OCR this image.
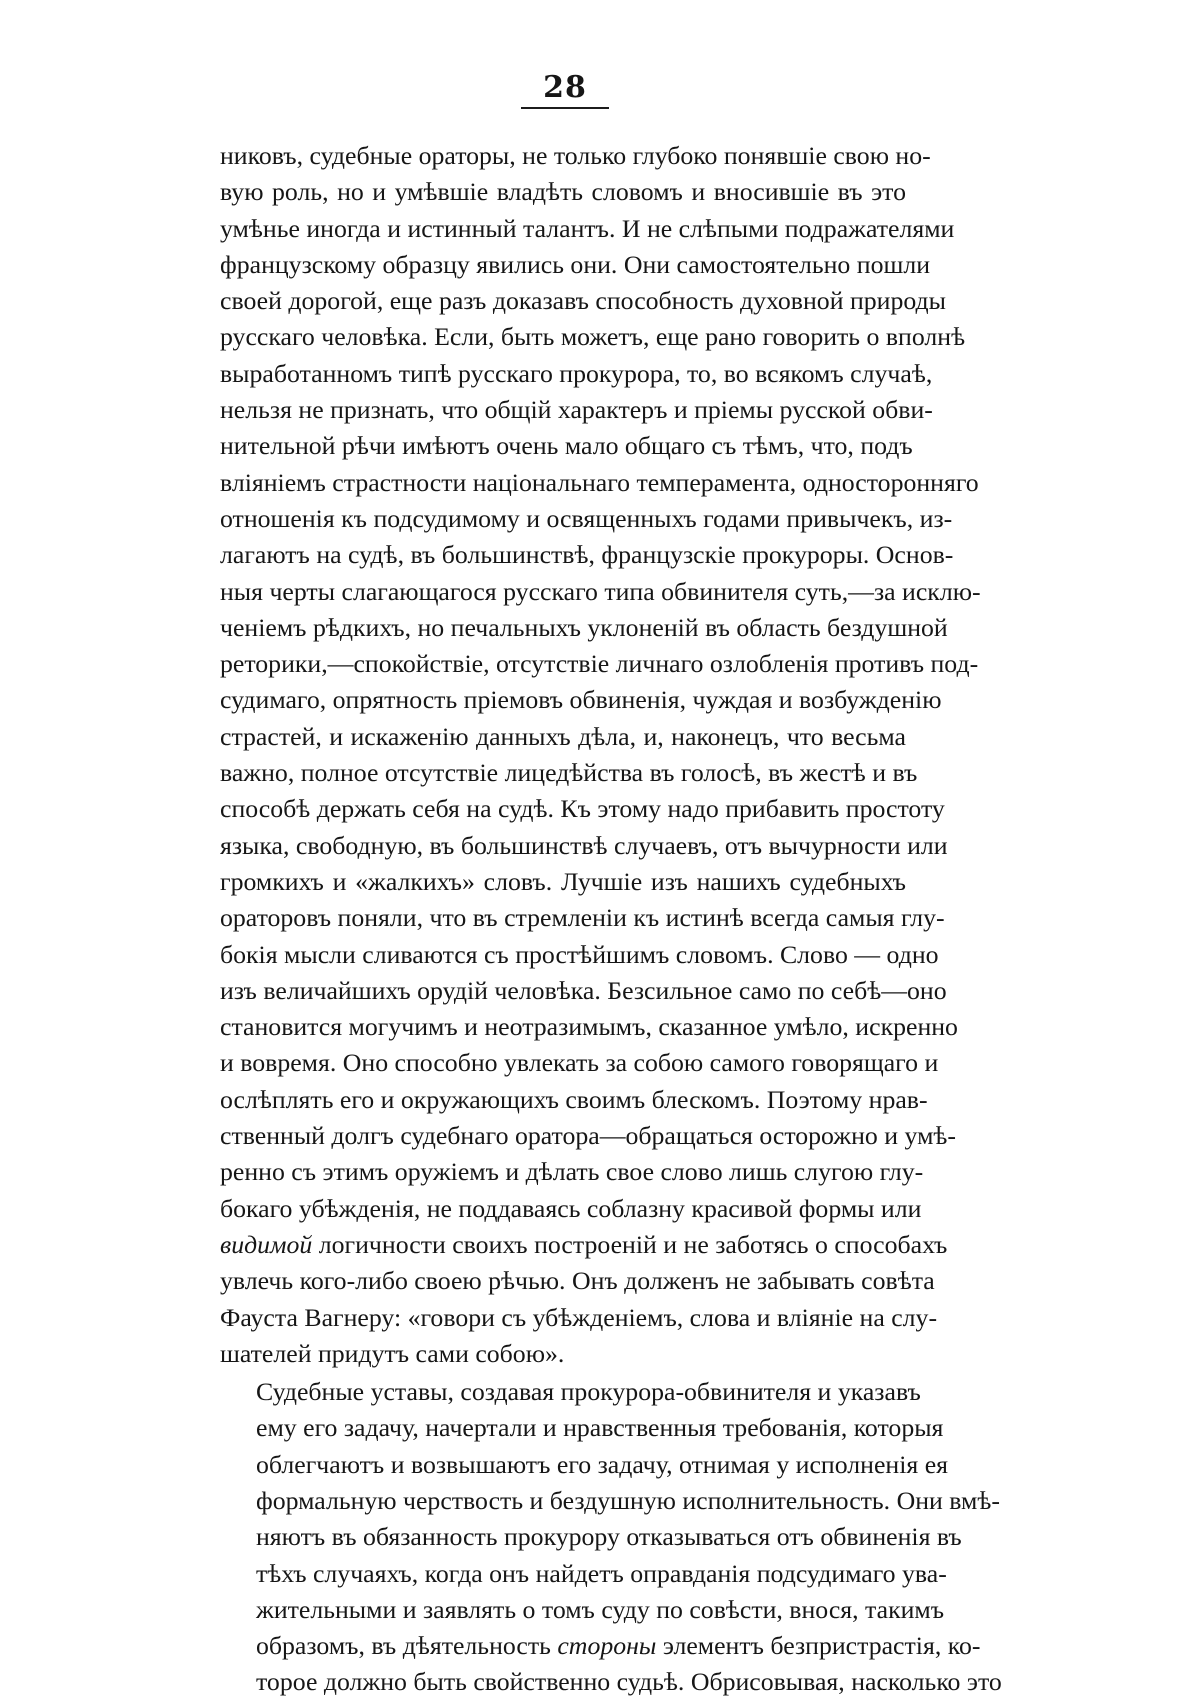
28
никовъ, судебные ораторы, не только глубоко понявшіе свою но-
вую роль, но и умѣвшіе владѣть словомъ и вносившіе въ это
умѣнье иногда и истинный талантъ. И не слѣпыми подражателями
французскому образцу явились они. Они самостоятельно пошли
своей дорогой, еще разъ доказавъ способность духовной природы
русскаго человѣка. Если, быть можетъ, еще рано говорить о вполнѣ
выработанномъ типѣ русскаго прокурора, то, во всякомъ случаѣ,
нельзя не признать, что общій характеръ и пріемы русской обви-
нительной рѣчи имѣютъ очень мало общаго съ тѣмъ, что, подъ
вліяніемъ страстности національнаго темперамента, односторонняго
отношенія къ подсудимому и освященныхъ годами привычекъ, из-
лагаютъ на судѣ, въ большинствѣ, французскіе прокуроры. Основ-
ныя черты слагающагося русскаго типа обвинителя суть,—за исклю-
ченіемъ рѣдкихъ, но печальныхъ уклоненій въ область бездушной
реторики,—спокойствіе, отсутствіе личнаго озлобленія противъ под-
судимаго, опрятность пріемовъ обвиненія, чуждая и возбужденію
страстей, и искаженію данныхъ дѣла, и, наконецъ, что весьма
важно, полное отсутствіе лицедѣйства въ голосѣ, въ жестѣ и въ
способѣ держать себя на судѣ. Къ этому надо прибавить простоту
языка, свободную, въ большинствѣ случаевъ, отъ вычурности или
громкихъ и «жалкихъ» словъ. Лучшіе изъ нашихъ судебныхъ
ораторовъ поняли, что въ стремленіи къ истинѣ всегда самыя глу-
бокія мысли сливаются съ простѣйшимъ словомъ. Слово — одно
изъ величайшихъ орудій человѣка. Безсильное само по себѣ—оно
становится могучимъ и неотразимымъ, сказанное умѣло, искренно
и вовремя. Оно способно увлекать за собою самого говорящаго и
ослѣплять его и окружающихъ своимъ блескомъ. Поэтому нрав-
ственный долгъ судебнаго оратора—обращаться осторожно и умѣ-
ренно съ этимъ оружіемъ и дѣлать свое слово лишь слугою глу-
бокаго убѣжденія, не поддаваясь соблазну красивой формы или
видимой логичности своихъ построеній и не заботясь о способахъ
увлечь кого-либо своею рѣчью. Онъ долженъ не забывать совѣта
Фауста Вагнеру: «говори съ убѣжденіемъ, слова и вліяніе на слу-
шателей придутъ сами собою».
Судебные уставы, создавая прокурора-обвинителя и указавъ
ему его задачу, начертали и нравственныя требованія, которыя
облегчаютъ и возвышаютъ его задачу, отнимая у исполненія ея
формальную черствость и бездушную исполнительность. Они вмѣ-
няютъ въ обязанность прокурору отказываться отъ обвиненія въ
тѣхъ случаяхъ, когда онъ найдетъ оправданія подсудимаго ува-
жительными и заявлять о томъ суду по совѣсти, внося, такимъ
образомъ, въ дѣятельность стороны элементъ безпристрастія, ко-
торое должно быть свойственно судьѣ. Обрисовывая, насколько это
